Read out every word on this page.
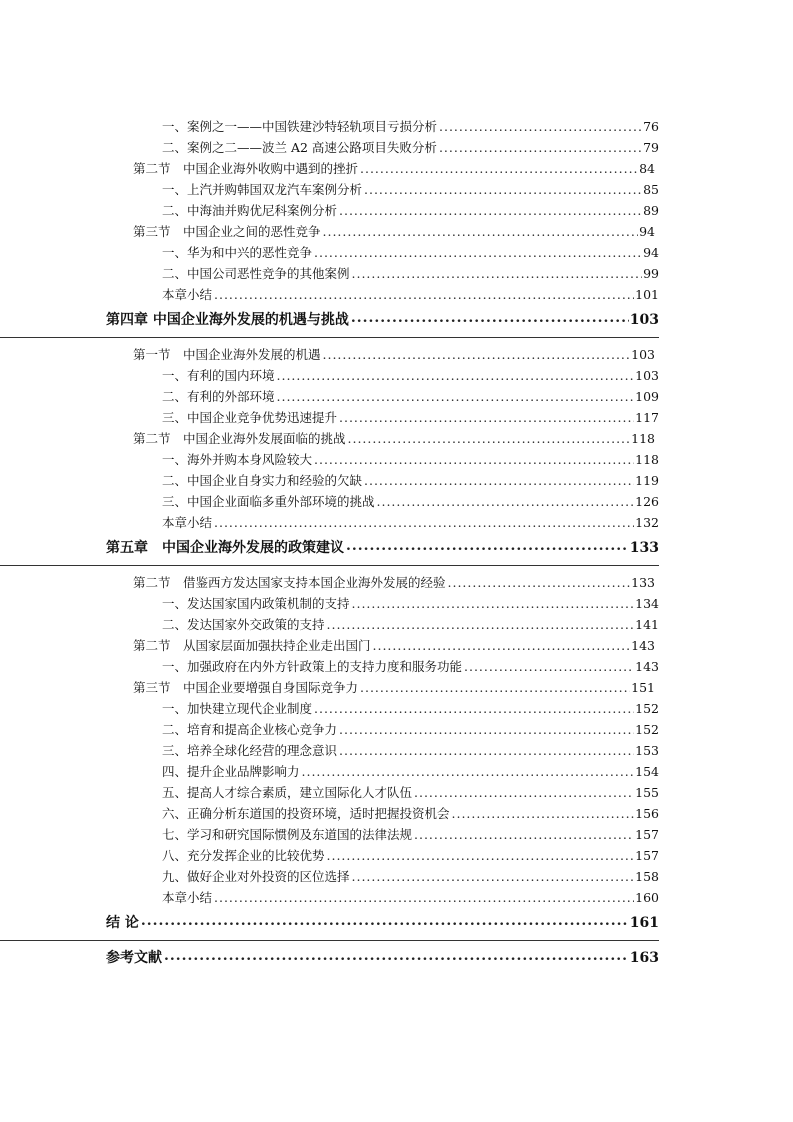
一、案例之一——中国铁建沙特轻轨项目亏损分析 .....	76
二、案例之二——波兰 A2 高速公路项目失败分析 .....	79
第二节　中国企业海外收购中遇到的挫折 .....	84
一、上汽并购韩国双龙汽车案例分析 .....	85
二、中海油并购优尼科案例分析 .....	89
第三节　中国企业之间的恶性竞争 .....	94
一、华为和中兴的恶性竞争 .....	94
二、中国公司恶性竞争的其他案例 .....	99
本章小结 .....	101
第四章 中国企业海外发展的机遇与挑战 .....	103
第一节　中国企业海外发展的机遇 .....	103
一、有利的国内环境 .....	103
二、有利的外部环境 .....	109
三、中国企业竞争优势迅速提升 .....	117
第二节　中国企业海外发展面临的挑战 .....	118
一、海外并购本身风险较大 .....	118
二、中国企业自身实力和经验的欠缺 .....	119
三、中国企业面临多重外部环境的挑战 .....	126
本章小结 .....	132
第五章　中国企业海外发展的政策建议 .....	133
第二节　借鉴西方发达国家支持本国企业海外发展的经验 .....	133
一、发达国家国内政策机制的支持 .....	134
二、发达国家外交政策的支持 .....	141
第二节　从国家层面加强扶持企业走出国门 .....	143
一、加强政府在内外方针政策上的支持力度和服务功能 .....	143
第三节　中国企业要增强自身国际竞争力 .....	151
一、加快建立现代企业制度 .....	152
二、培育和提高企业核心竞争力 .....	152
三、培养全球化经营的理念意识 .....	153
四、提升企业品牌影响力 .....	154
五、提高人才综合素质，建立国际化人才队伍 .....	155
六、正确分析东道国的投资环境，适时把握投资机会 .....	156
七、学习和研究国际惯例及东道国的法律法规 .....	157
八、充分发挥企业的比较优势 .....	157
九、做好企业对外投资的区位选择 .....	158
本章小结 .....	160
结 论 .....	161
参考文献 .....	163
